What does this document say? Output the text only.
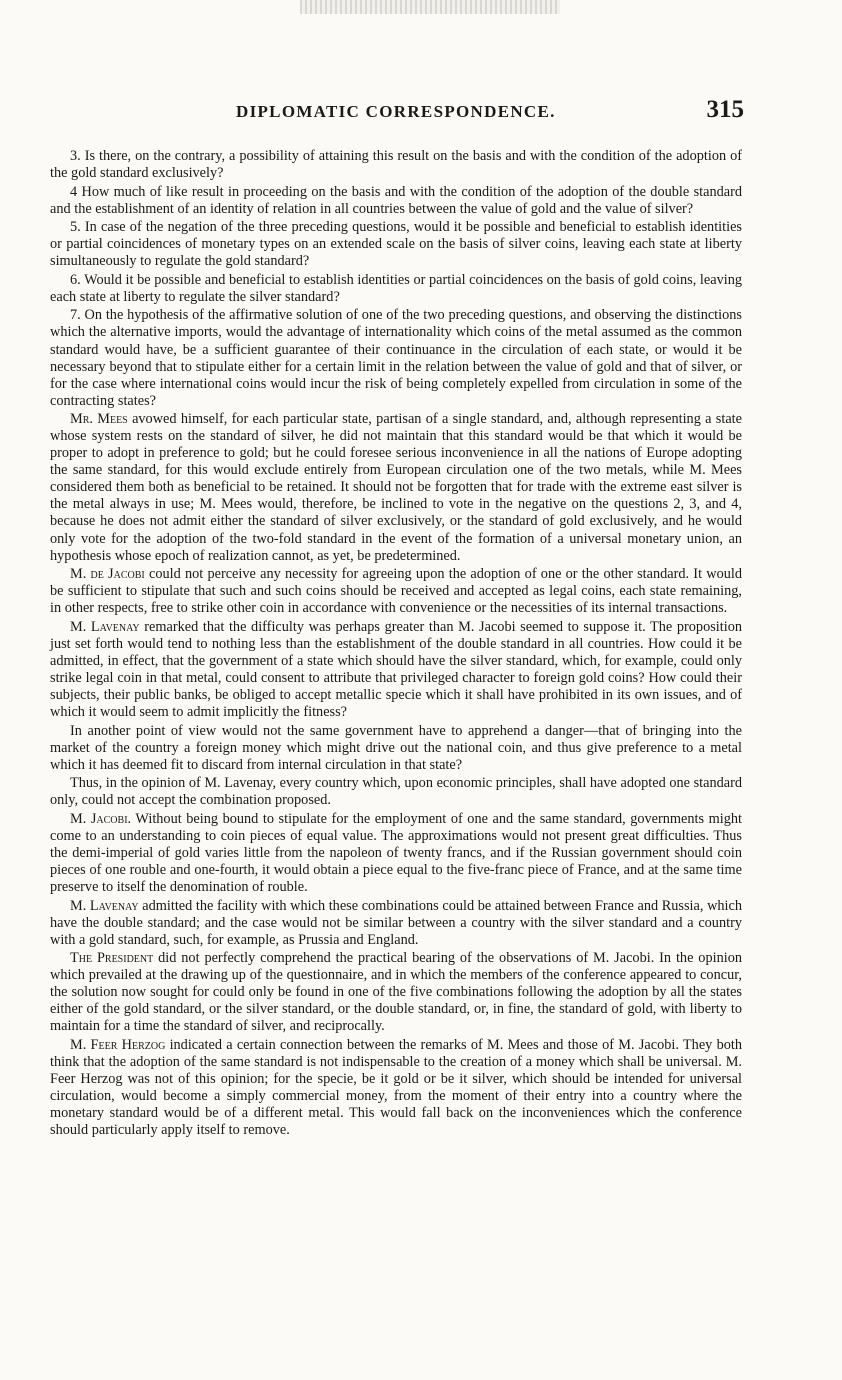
DIPLOMATIC CORRESPONDENCE.	315

3. Is there, on the contrary, a possibility of attaining this result on the basis and with the condition of the adoption of the gold standard exclusively?

4 How much of like result in proceeding on the basis and with the condition of the adoption of the double standard and the establishment of an identity of relation in all countries between the value of gold and the value of silver?

5. In case of the negation of the three preceding questions, would it be possible and beneficial to establish identities or partial coincidences of monetary types on an extended scale on the basis of silver coins, leaving each state at liberty simultaneously to regulate the gold standard?

6. Would it be possible and beneficial to establish identities or partial coincidences on the basis of gold coins, leaving each state at liberty to regulate the silver standard?

7. On the hypothesis of the affirmative solution of one of the two preceding questions, and observing the distinctions which the alternative imports, would the advantage of internationality which coins of the metal assumed as the common standard would have, be a sufficient guarantee of their continuance in the circulation of each state, or would it be necessary beyond that to stipulate either for a certain limit in the relation between the value of gold and that of silver, or for the case where international coins would incur the risk of being completely expelled from circulation in some of the contracting states?

Mr. Mees avowed himself, for each particular state, partisan of a single standard, and, although representing a state whose system rests on the standard of silver, he did not maintain that this standard would be that which it would be proper to adopt in preference to gold; but he could foresee serious inconvenience in all the nations of Europe adopting the same standard, for this would exclude entirely from European circulation one of the two metals, while M. Mees considered them both as beneficial to be retained. It should not be forgotten that for trade with the extreme east silver is the metal always in use; M. Mees would, therefore, be inclined to vote in the negative on the questions 2, 3, and 4, because he does not admit either the standard of silver exclusively, or the standard of gold exclusively, and he would only vote for the adoption of the two-fold standard in the event of the formation of a universal monetary union, an hypothesis whose epoch of realization cannot, as yet, be predetermined.

M. de Jacobi could not perceive any necessity for agreeing upon the adoption of one or the other standard. It would be sufficient to stipulate that such and such coins should be received and accepted as legal coins, each state remaining, in other respects, free to strike other coin in accordance with convenience or the necessities of its internal transactions.

M. Lavenay remarked that the difficulty was perhaps greater than M. Jacobi seemed to suppose it. The proposition just set forth would tend to nothing less than the establishment of the double standard in all countries. How could it be admitted, in effect, that the government of a state which should have the silver standard, which, for example, could only strike legal coin in that metal, could consent to attribute that privileged character to foreign gold coins? How could their subjects, their public banks, be obliged to accept metallic specie which it shall have prohibited in its own issues, and of which it would seem to admit implicitly the fitness?

In another point of view would not the same government have to apprehend a danger—that of bringing into the market of the country a foreign money which might drive out the national coin, and thus give preference to a metal which it has deemed fit to discard from internal circulation in that state?

Thus, in the opinion of M. Lavenay, every country which, upon economic principles, shall have adopted one standard only, could not accept the combination proposed.

M. Jacobi. Without being bound to stipulate for the employment of one and the same standard, governments might come to an understanding to coin pieces of equal value. The approximations would not present great difficulties. Thus the demi-imperial of gold varies little from the napoleon of twenty francs, and if the Russian government should coin pieces of one rouble and one-fourth, it would obtain a piece equal to the five-franc piece of France, and at the same time preserve to itself the denomination of rouble.

M. Lavenay admitted the facility with which these combinations could be attained between France and Russia, which have the double standard; and the case would not be similar between a country with the silver standard and a country with a gold standard, such, for example, as Prussia and England.

The President did not perfectly comprehend the practical bearing of the observations of M. Jacobi. In the opinion which prevailed at the drawing up of the questionnaire, and in which the members of the conference appeared to concur, the solution now sought for could only be found in one of the five combinations following the adoption by all the states either of the gold standard, or the silver standard, or the double standard, or, in fine, the standard of gold, with liberty to maintain for a time the standard of silver, and reciprocally.

M. Feer Herzog indicated a certain connection between the remarks of M. Mees and those of M. Jacobi. They both think that the adoption of the same standard is not indispensable to the creation of a money which shall be universal. M. Feer Herzog was not of this opinion; for the specie, be it gold or be it silver, which should be intended for universal circulation, would become a simply commercial money, from the moment of their entry into a country where the monetary standard would be of a different metal. This would fall back on the inconveniences which the conference should particularly apply itself to remove.
